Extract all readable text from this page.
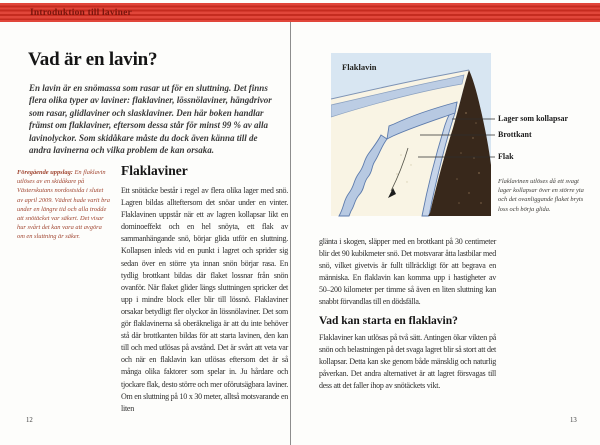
Introduktion till laviner
Vad är en lavin?
En lavin är en snömassa som rasar ut för en sluttning. Det finns flera olika typer av laviner: flaklaviner, lössnölaviner, hängdrivor som rasar, glidlaviner och slasklaviner. Den här boken handlar främst om flaklaviner, eftersom dessa står för minst 99 % av alla lavinolyckor. Som skidåkare måste du dock även känna till de andra lavinerna och vilka problem de kan orsaka.
Föregående uppslag: En flaklavin utlöses av en skidåkare på Västerskutans nordostsida i slutet av april 2009. Vädret hade varit bra under en längre tid och alla trodde att snötäcket var säkert. Det visar hur svårt det kan vara att avgöra om en sluttning är säker.
Flaklaviner
Ett snötäcke består i regel av flera olika lager med snö. Lagren bildas allteftersom det snöar under en vinter. Flaklavinen uppstår när ett av lagren kollapsar likt en dominoeffekt och en hel snöyta, ett flak av sammanhängande snö, börjar glida utför en sluttning. Kollapsen inleds vid en punkt i lagret och sprider sig sedan över en större yta innan snön börjar rasa. En tydlig brottkant bildas där flaket lossnar från snön ovanför. När flaket glider längs sluttningen spricker det upp i mindre block eller blir till lössnö. Flaklaviner orsakar betydligt fler olyckor än lössnölaviner. Det som gör flaklavinerna så oberäkneliga är att du inte behöver stå där brottkanten bildas för att starta lavinen, den kan till och med utlösas på avstånd. Det är svårt att veta var och när en flaklavin kan utlösas eftersom det är så många olika faktorer som spelar in. Ju hårdare och tjockare flak, desto större och mer oförutsägbara laviner. Om en sluttning på 10 x 30 meter, alltså motsvarande en liten
12
Flaklavin
Lager som kollapsar
Brottkant
Flak
Flaklavinen utlöses då ett svagt lager kollapsar över en större yta och det ovanliggande flaket bryts loss och börja glida.
glänta i skogen, släpper med en brottkant på 30 centimeter blir det 90 kubikmeter snö. Det motsvarar åtta lastbilar med snö, vilket givetvis är fullt tillräckligt för att begrava en människa. En flaklavin kan komma upp i hastigheter av 50–200 kilometer per timme så även en liten sluttning kan snabbt förvandlas till en dödsfälla.
Vad kan starta en flaklavin?
Flaklaviner kan utlösas på två sätt. Antingen ökar vikten på snön och belastningen på det svaga lagret blir så stort att det kollapsar. Detta kan ske genom både mänsklig och naturlig påverkan. Det andra alternativet är att lagret försvagas till dess att det faller ihop av snötäckets vikt.
13
